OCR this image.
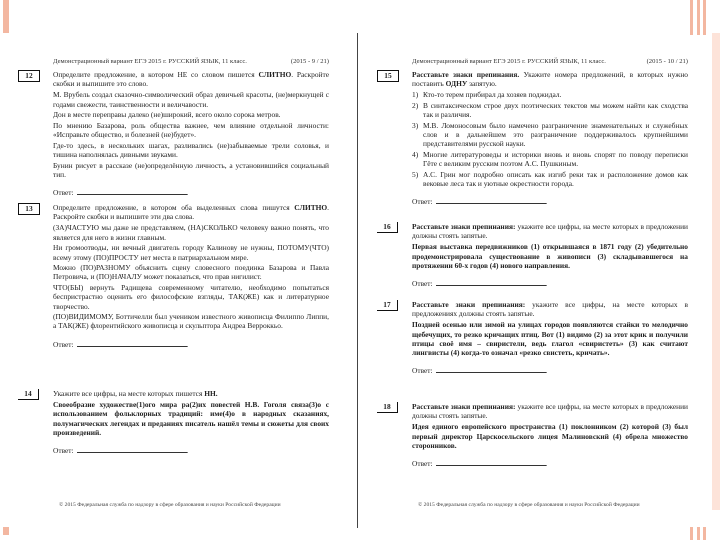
Демонстрационный вариант ЕГЭ 2015 г. РУССКИЙ ЯЗЫК, 11 класс.	(2015 - 9 / 21)
12	Определите предложение, в котором НЕ со словом пишется СЛИТНО. Раскройте скобки и выпишите это слово.
М. Врубель создал сказочно-символический образ девичьей красоты, (не)меркнущей с годами свежести, таинственности и величавости.
Дон в месте переправы далеко (не)широкий, всего около сорока метров.
По мнению Базарова, роль общества важнее, чем влияние отдельной личности: «Исправьте общество, и болезней (не)будет».
Где-то здесь, в нескольких шагах, разливались (не)забываемые трели соловья, и тишина наполнялась дивными звуками.
Бунин рисует в рассказе (не)определённую личность, а установившийся социальный тип.
Ответ:	.
13	Определите предложение, в котором оба выделенных слова пишутся СЛИТНО. Раскройте скобки и выпишите эти два слова.
(ЗА)ЧАСТУЮ мы даже не представляем, (НА)СКОЛЬКО человеку важно понять, что является для него в жизни главным.
Ни громоотводы, ни вечный двигатель городу Калинову не нужны, ПОТОМУ(ЧТО) всему этому (ПО)ПРОСТУ нет места в патриархальном мире.
Можно (ПО)РАЗНОМУ объяснить сцену словесного поединка Базарова и Павла Петровича, и (ПО)НАЧАЛУ может показаться, что прав нигилист.
ЧТО(БЫ) вернуть Радищева современному читателю, необходимо попытаться беспристрастно оценить его философские взгляды, ТАК(ЖЕ) как и литературное творчество.
(ПО)ВИДИМОМУ, Боттичелли был учеником известного живописца Филиппо Липпи, а ТАК(ЖЕ) флорентийского живописца и скульптора Андреа Верроккьо.
Ответ:	.
14	Укажите все цифры, на месте которых пишется НН.
Своеобразие художестве(1)ого мира ра(2)их повестей Н.В. Гоголя связа(3)о с использованием фольклорных традиций: име(4)о в народных сказаниях, полумагических легендах и преданиях писатель нашёл темы и сюжеты для своих произведений.
Ответ:	.
© 2015 Федеральная служба по надзору в сфере образования и науки Российской Федерации
Демонстрационный вариант ЕГЭ 2015 г. РУССКИЙ ЯЗЫК, 11 класс.	(2015 - 10 / 21)
15	Расставьте знаки препинания. Укажите номера предложений, в которых нужно поставить ОДНУ запятую.
1) Кто-то терем прибирал да хозяев поджидал.
2) В синтаксическом строе двух поэтических текстов мы можем найти как сходства так и различия.
3) М.В. Ломоносовым было намечено разграничение знаменательных и служебных слов и в дальнейшем это разграничение поддерживалось крупнейшими представителями русской науки.
4) Многие литературоведы и историки вновь и вновь спорят по поводу переписки Гёте с великим русским поэтом А.С. Пушкиным.
5) А.С. Грин мог подробно описать как изгиб реки так и расположение домов как вековые леса так и уютные окрестности города.
Ответ:	.
16	Расставьте знаки препинания: укажите все цифры, на месте которых в предложении должны стоять запятые.
Первая выставка передвижников (1) открывшаяся в 1871 году (2) убедительно продемонстрировала существование в живописи (3) складывавшегося на протяжении 60-х годов (4) нового направления.
Ответ:	.
17	Расставьте знаки препинания: укажите все цифры, на месте которых в предложениях должны стоять запятые.
Поздней осенью или зимой на улицах городов появляются стайки то мелодично щебечущих, то резко кричащих птиц. Вот (1) видимо (2) за этот крик и получили птицы своё имя – свиристели, ведь глагол «свиристеть» (3) как считают лингвисты (4) когда-то означал «резко свистеть, кричать».
Ответ:	.
18	Расставьте знаки препинания: укажите все цифры, на месте которых в предложении должны стоять запятые.
Идея единого европейского пространства (1) поклонником (2) которой (3) был первый директор Царскосельского лицея Малиновский (4) обрела множество сторонников.
Ответ:	.
© 2015 Федеральная служба по надзору в сфере образования и науки Российской Федерации
